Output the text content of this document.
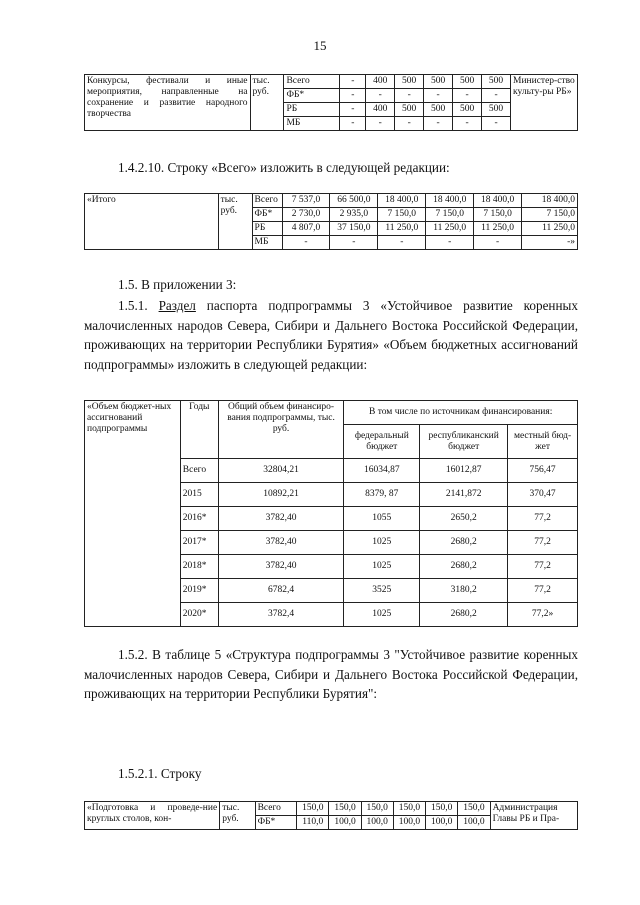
15
Конкурсы, фестивали и иные мероприятия, направленные на сохранение и развитие народного творчества	тыс. руб.	Всего	-	400	500	500	500	500	Министер-ство культу-ры РБ»
		ФБ*	-	-	-	-	-	-	
		РБ	-	400	500	500	500	500	
		МБ	-	-	-	-	-	-	
1.4.2.10. Строку «Всего» изложить в следующей редакции:
«Итого	тыс. руб.	Всего	7 537,0	66 500,0	18 400,0	18 400,0	18 400,0	18 400,0
		ФБ*	2 730,0	2 935,0	7 150,0	7 150,0	7 150,0	7 150,0
		РБ	4 807,0	37 150,0	11 250,0	11 250,0	11 250,0	11 250,0
		МБ	-	-	-	-	-	-»
1.5. В приложении 3:
1.5.1. Раздел паспорта подпрограммы 3 «Устойчивое развитие коренных малочисленных народов Севера, Сибири и Дальнего Востока Российской Федерации, проживающих на территории Республики Бурятия» «Объем бюджетных ассигнований подпрограммы» изложить в следующей редакции:
«Объем бюджет-ных ассигнований подпрограммы	Годы	Общий объем финансиро-вания подпрограммы, тыс. руб.	В том числе по источникам финансирования:		
			федеральный бюджет	республиканский бюджет	местный бюд-жет
	Всего	32804,21	16034,87	16012,87	756,47
	2015	10892,21	8379, 87	2141,872	370,47
	2016*	3782,40	1055	2650,2	77,2
	2017*	3782,40	1025	2680,2	77,2
	2018*	3782,40	1025	2680,2	77,2
	2019*	6782,4	3525	3180,2	77,2
	2020*	3782,4	1025	2680,2	77,2»
1.5.2. В таблице 5 «Структура подпрограммы 3 "Устойчивое развитие коренных малочисленных народов Севера, Сибири и Дальнего Востока Российской Федерации, проживающих на территории Республики Бурятия":
1.5.2.1. Строку
«Подготовка и проведе-ние круглых столов, кон-	тыс. руб.	Всего	150,0	150,0	150,0	150,0	150,0	150,0	Администрация Главы РБ и Пра-
		ФБ*	110,0	100,0	100,0	100,0	100,0	100,0	
